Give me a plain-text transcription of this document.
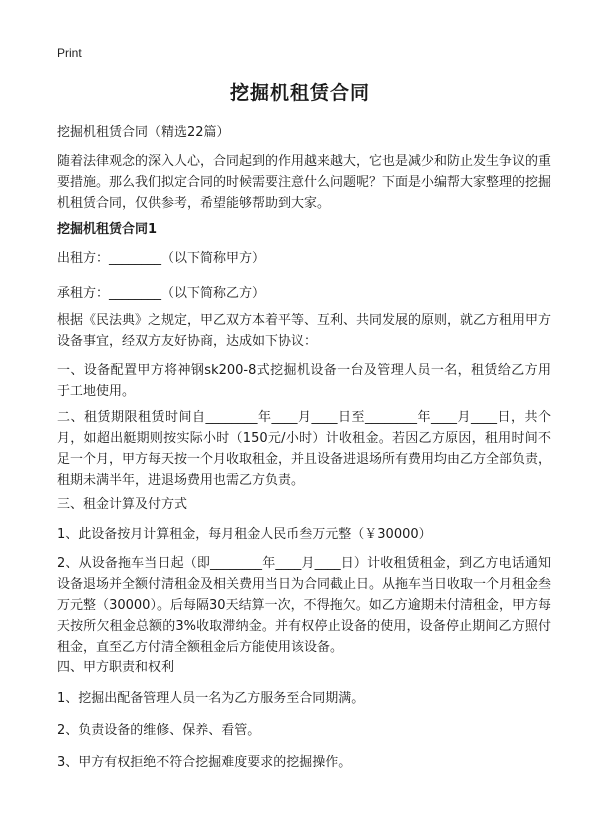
Print
挖掘机租赁合同

挖掘机租赁合同（精选22篇）

随着法律观念的深入人心，合同起到的作用越来越大，它也是减少和防止发生争议的重要措施。那么我们拟定合同的时候需要注意什么问题呢？下面是小编帮大家整理的挖掘机租赁合同，仅供参考，希望能够帮助到大家。

挖掘机租赁合同1

出租方：________（以下简称甲方）

承租方：________（以下简称乙方）

根据《民法典》之规定，甲乙双方本着平等、互利、共同发展的原则，就乙方租用甲方设备事宜，经双方友好协商，达成如下协议：

一、设备配置甲方将神钢sk200-8式挖掘机设备一台及管理人员一名，租赁给乙方用于工地使用。

二、租赁期限租赁时间自________年____月____日至________年____月____日，共个月，如超出艇期则按实际小时（150元/小时）计收租金。若因乙方原因，租用时间不足一个月，甲方每天按一个月收取租金，并且设备进退场所有费用均由乙方全部负责，租期未满半年，进退场费用也需乙方负责。

三、租金计算及付方式

1、此设备按月计算租金，每月租金人民币叁万元整（￥30000）

2、从设备拖车当日起（即________年____月____日）计收租赁租金，到乙方电话通知设备退场并全额付清租金及相关费用当日为合同截止日。从拖车当日收取一个月租金叁万元整（30000）。后每隔30天结算一次，不得拖欠。如乙方逾期未付清租金，甲方每天按所欠租金总额的3%收取滞纳金。并有权停止设备的使用，设备停止期间乙方照付租金，直至乙方付清全额租金后方能使用该设备。

四、甲方职责和权利

1、挖掘出配备管理人员一名为乙方服务至合同期满。

2、负责设备的维修、保养、看管。

3、甲方有权拒绝不符合挖掘难度要求的挖掘操作。
